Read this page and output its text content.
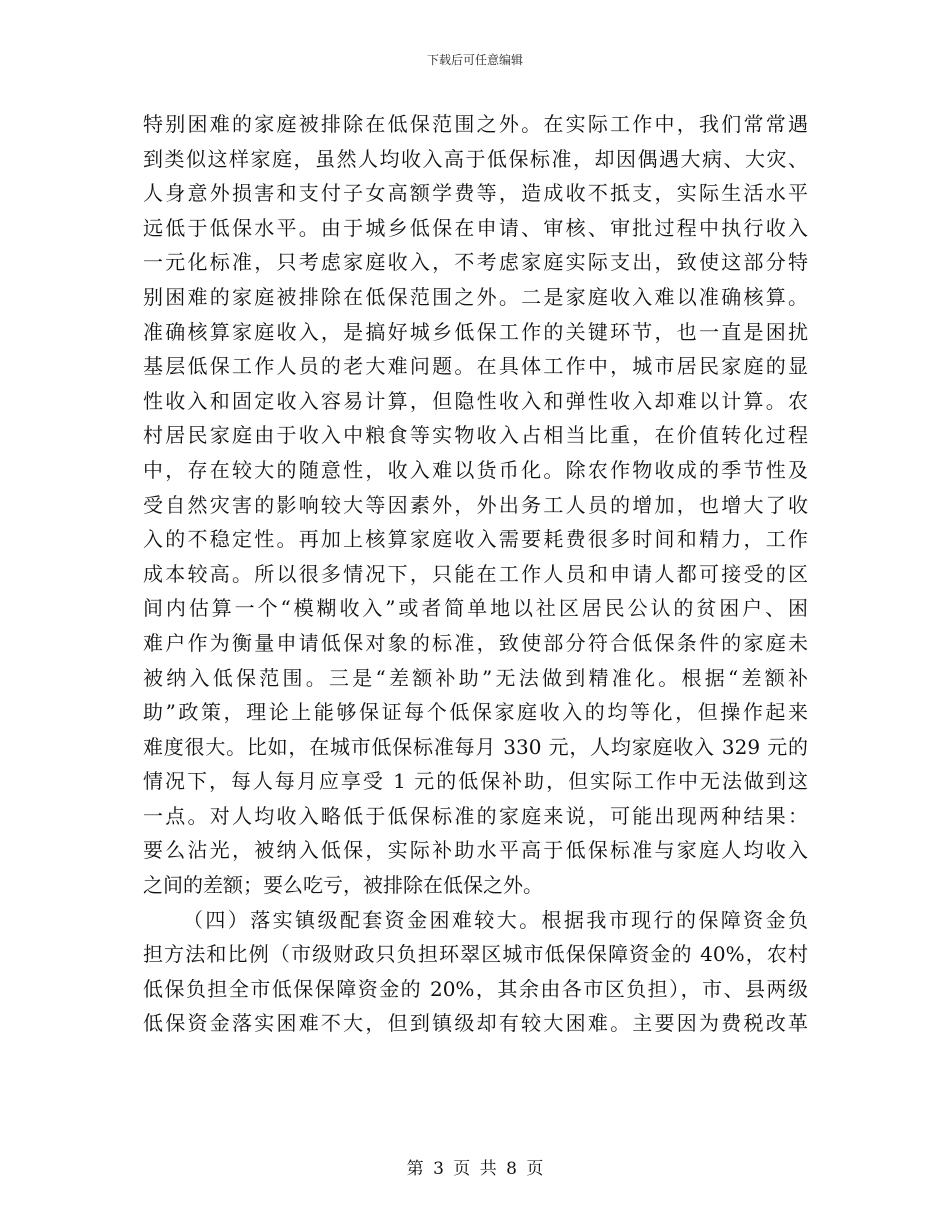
下载后可任意编辑
特别困难的家庭被排除在低保范围之外。在实际工作中，我们常常遇
到类似这样家庭，虽然人均收入高于低保标准，却因偶遇大病、大灾、
人身意外损害和支付子女高额学费等，造成收不抵支，实际生活水平
远低于低保水平。由于城乡低保在申请、审核、审批过程中执行收入
一元化标准，只考虑家庭收入，不考虑家庭实际支出，致使这部分特
别困难的家庭被排除在低保范围之外。二是家庭收入难以准确核算。
准确核算家庭收入，是搞好城乡低保工作的关键环节，也一直是困扰
基层低保工作人员的老大难问题。在具体工作中，城市居民家庭的显
性收入和固定收入容易计算，但隐性收入和弹性收入却难以计算。农
村居民家庭由于收入中粮食等实物收入占相当比重，在价值转化过程
中，存在较大的随意性，收入难以货币化。除农作物收成的季节性及
受自然灾害的影响较大等因素外，外出务工人员的增加，也增大了收
入的不稳定性。再加上核算家庭收入需要耗费很多时间和精力，工作
成本较高。所以很多情况下，只能在工作人员和申请人都可接受的区
间内估算一个“模糊收入”或者简单地以社区居民公认的贫困户、困
难户作为衡量申请低保对象的标准，致使部分符合低保条件的家庭未
被纳入低保范围。三是“差额补助”无法做到精准化。根据“差额补
助”政策，理论上能够保证每个低保家庭收入的均等化，但操作起来
难度很大。比如，在城市低保标准每月 330 元，人均家庭收入 329 元的
情况下，每人每月应享受 1 元的低保补助，但实际工作中无法做到这
一点。对人均收入略低于低保标准的家庭来说，可能出现两种结果：
要么沾光，被纳入低保，实际补助水平高于低保标准与家庭人均收入
之间的差额；要么吃亏，被排除在低保之外。
（四）落实镇级配套资金困难较大。根据我市现行的保障资金负
担方法和比例（市级财政只负担环翠区城市低保保障资金的 40%，农村
低保负担全市低保保障资金的 20%，其余由各市区负担），市、县两级
低保资金落实困难不大，但到镇级却有较大困难。主要因为费税改革
第 3 页 共 8 页
